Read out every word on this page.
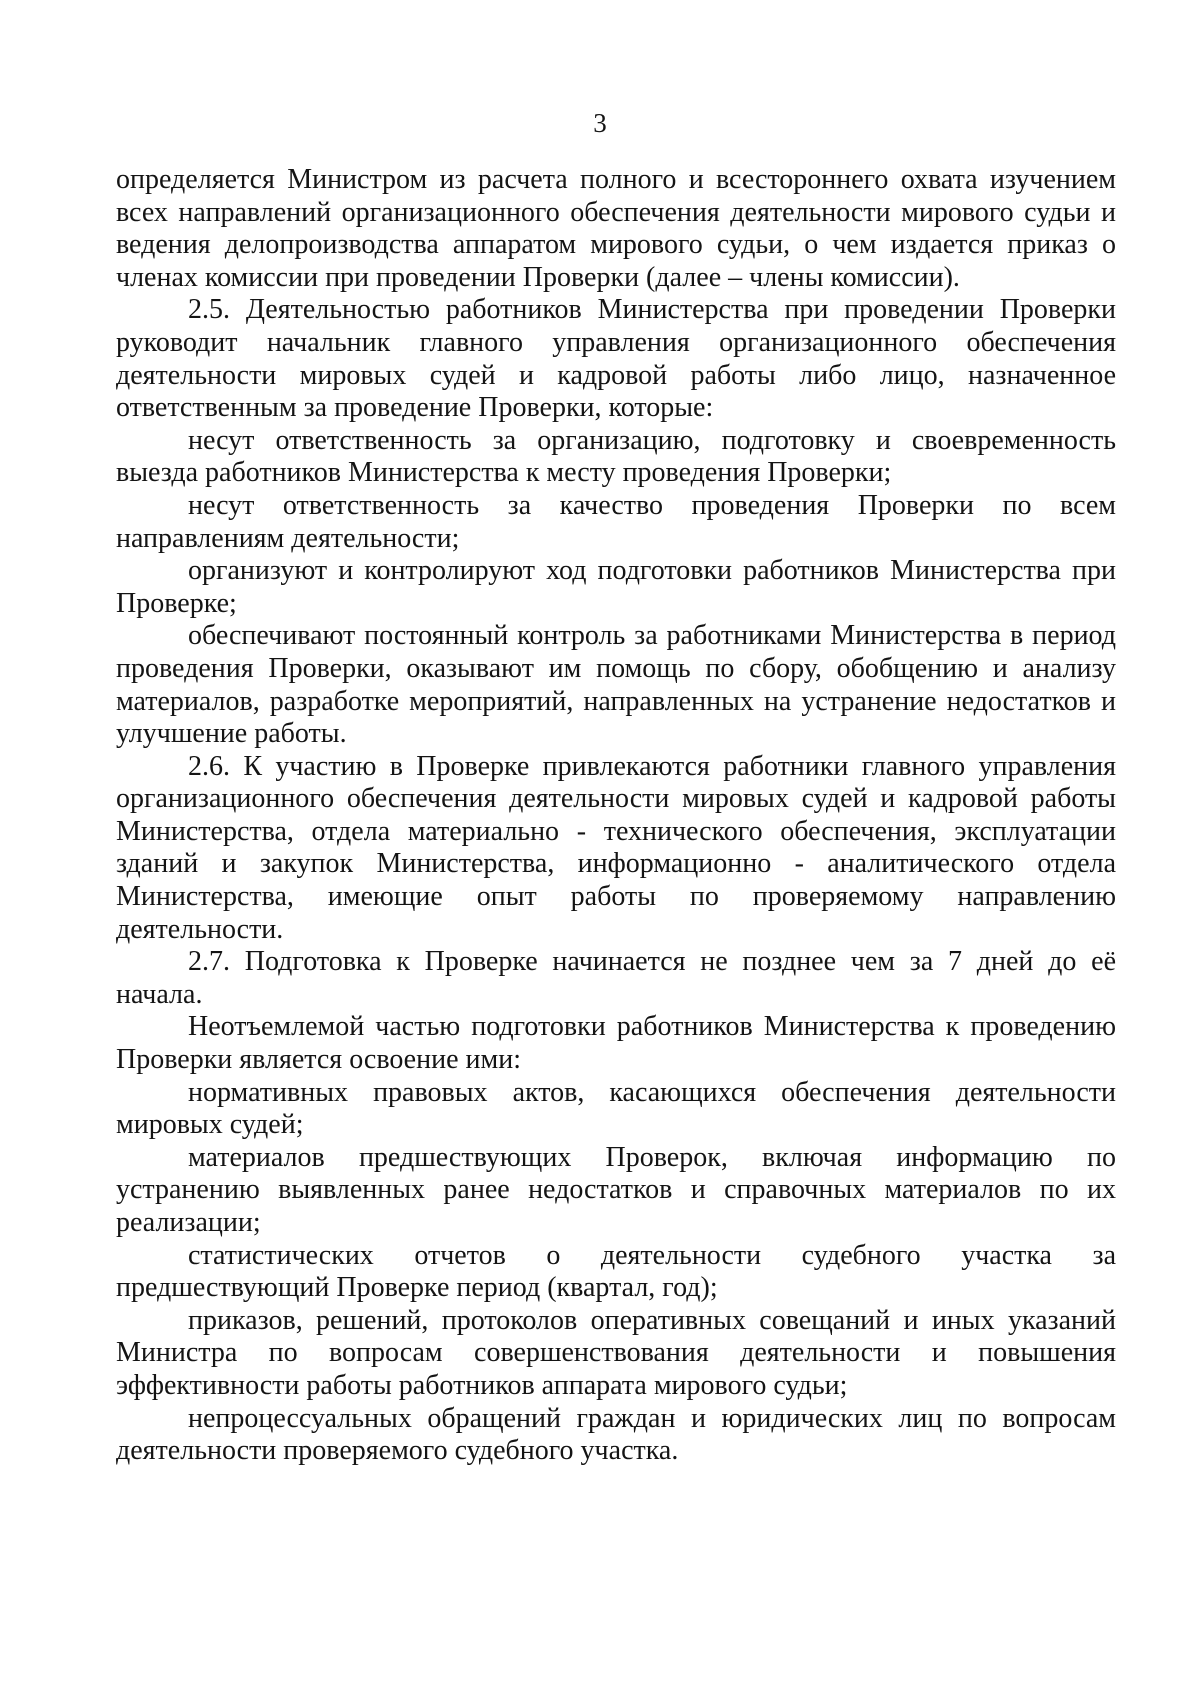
3

определяется Министром из расчета полного и всестороннего охвата изучением всех направлений организационного обеспечения деятельности мирового судьи и ведения делопроизводства аппаратом мирового судьи, о чем издается приказ о членах комиссии при проведении Проверки (далее – члены комиссии).

2.5. Деятельностью работников Министерства при проведении Проверки руководит начальник главного управления организационного обеспечения деятельности мировых судей и кадровой работы либо лицо, назначенное ответственным за проведение Проверки, которые:

несут ответственность за организацию, подготовку и своевременность выезда работников Министерства к месту проведения Проверки;

несут ответственность за качество проведения Проверки по всем направлениям деятельности;

организуют и контролируют ход подготовки работников Министерства при Проверке;

обеспечивают постоянный контроль за работниками Министерства в период проведения Проверки, оказывают им помощь по сбору, обобщению и анализу материалов, разработке мероприятий, направленных на устранение недостатков и улучшение работы.

2.6. К участию в Проверке привлекаются работники главного управления организационного обеспечения деятельности мировых судей и кадровой работы Министерства, отдела материально - технического обеспечения, эксплуатации зданий и закупок Министерства, информационно - аналитического отдела Министерства, имеющие опыт работы по проверяемому направлению деятельности.

2.7. Подготовка к Проверке начинается не позднее чем за 7 дней до её начала.

Неотъемлемой частью подготовки работников Министерства к проведению Проверки является освоение ими:

нормативных правовых актов, касающихся обеспечения деятельности мировых судей;

материалов предшествующих Проверок, включая информацию по устранению выявленных ранее недостатков и справочных материалов по их реализации;

статистических отчетов о деятельности судебного участка за предшествующий Проверке период (квартал, год);

приказов, решений, протоколов оперативных совещаний и иных указаний Министра по вопросам совершенствования деятельности и повышения эффективности работы работников аппарата мирового судьи;

непроцессуальных обращений граждан и юридических лиц по вопросам деятельности проверяемого судебного участка.
